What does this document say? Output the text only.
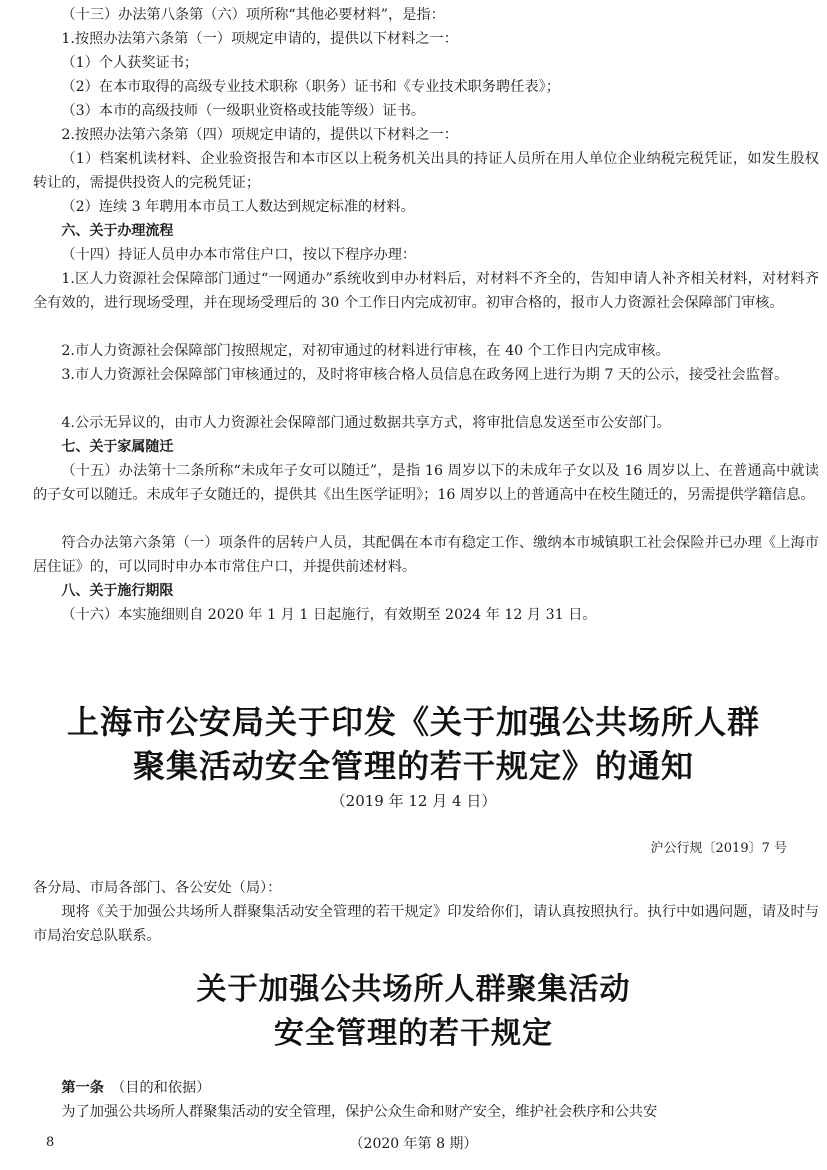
（十三）办法第八条第（六）项所称“其他必要材料”，是指：
1.按照办法第六条第（一）项规定申请的，提供以下材料之一：
（1）个人获奖证书；
（2）在本市取得的高级专业技术职称（职务）证书和《专业技术职务聘任表》；
（3）本市的高级技师（一级职业资格或技能等级）证书。
2.按照办法第六条第（四）项规定申请的，提供以下材料之一：
（1）档案机读材料、企业验资报告和本市区以上税务机关出具的持证人员所在用人单位企业纳税完税凭证，如发生股权转让的，需提供投资人的完税凭证；
（2）连续 3 年聘用本市员工人数达到规定标准的材料。
六、关于办理流程
（十四）持证人员申办本市常住户口，按以下程序办理：
1.区人力资源社会保障部门通过“一网通办”系统收到申办材料后，对材料不齐全的，告知申请人补齐相关材料，对材料齐全有效的，进行现场受理，并在现场受理后的 30 个工作日内完成初审。初审合格的，报市人力资源社会保障部门审核。
2.市人力资源社会保障部门按照规定，对初审通过的材料进行审核，在 40 个工作日内完成审核。
3.市人力资源社会保障部门审核通过的，及时将审核合格人员信息在政务网上进行为期 7 天的公示，接受社会监督。
4.公示无异议的，由市人力资源社会保障部门通过数据共享方式，将审批信息发送至市公安部门。
七、关于家属随迁
（十五）办法第十二条所称“未成年子女可以随迁”，是指 16 周岁以下的未成年子女以及 16 周岁以上、在普通高中就读的子女可以随迁。未成年子女随迁的，提供其《出生医学证明》；16 周岁以上的普通高中在校生随迁的，另需提供学籍信息。
符合办法第六条第（一）项条件的居转户人员，其配偶在本市有稳定工作、缴纳本市城镇职工社会保险并已办理《上海市居住证》的，可以同时申办本市常住户口，并提供前述材料。
八、关于施行期限
（十六）本实施细则自 2020 年 1 月 1 日起施行，有效期至 2024 年 12 月 31 日。
上海市公安局关于印发《关于加强公共场所人群
聚集活动安全管理的若干规定》的通知
（2019 年 12 月 4 日）
沪公行规〔2019〕7 号
各分局、市局各部门、各公安处（局）：
现将《关于加强公共场所人群聚集活动安全管理的若干规定》印发给你们，请认真按照执行。执行中如遇问题，请及时与市局治安总队联系。
关于加强公共场所人群聚集活动
安全管理的若干规定
第一条　 （目的和依据）
为了加强公共场所人群聚集活动的安全管理，保护公众生命和财产安全，维护社会秩序和公共安
8	（2020 年第 8 期）
